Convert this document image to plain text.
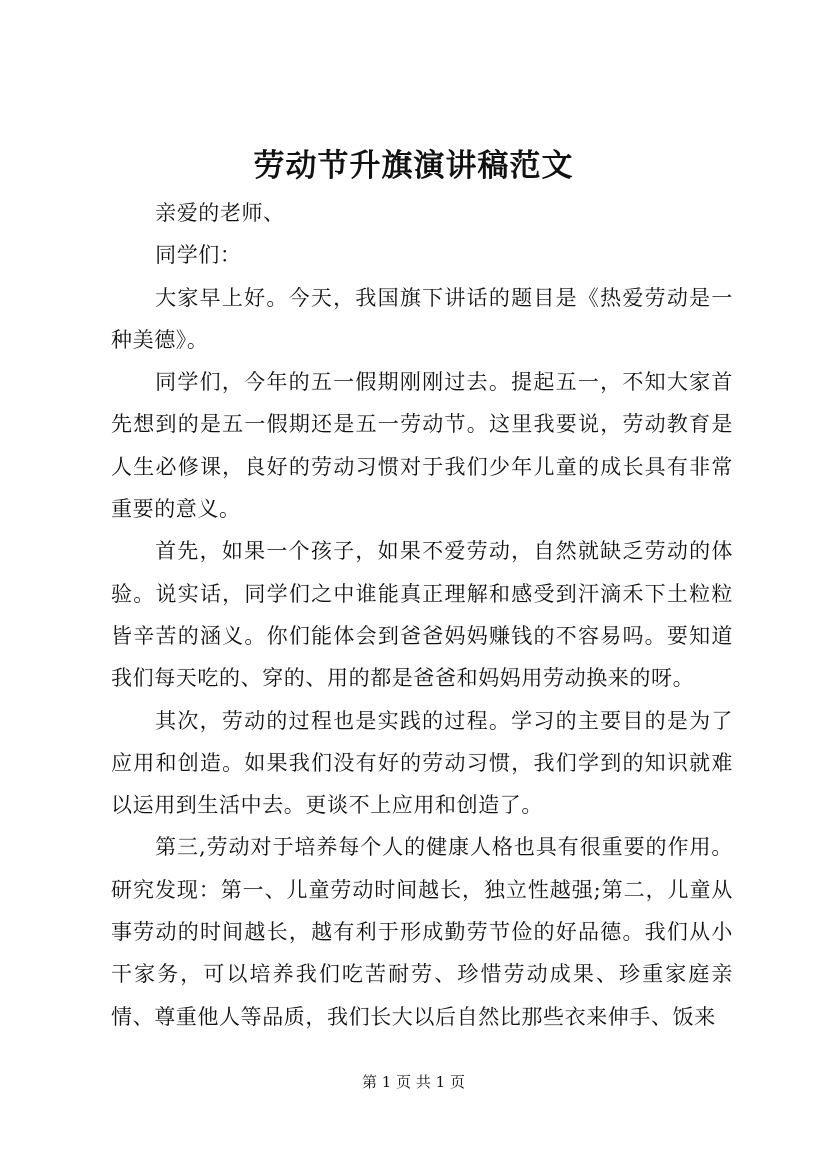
劳动节升旗演讲稿范文

亲爱的老师、

同学们：

大家早上好。今天，我国旗下讲话的题目是《热爱劳动是一种美德》。

同学们，今年的五一假期刚刚过去。提起五一，不知大家首先想到的是五一假期还是五一劳动节。这里我要说，劳动教育是人生必修课，良好的劳动习惯对于我们少年儿童的成长具有非常重要的意义。

首先，如果一个孩子，如果不爱劳动，自然就缺乏劳动的体验。说实话，同学们之中谁能真正理解和感受到汗滴禾下土粒粒皆辛苦的涵义。你们能体会到爸爸妈妈赚钱的不容易吗。要知道我们每天吃的、穿的、用的都是爸爸和妈妈用劳动换来的呀。

其次，劳动的过程也是实践的过程。学习的主要目的是为了应用和创造。如果我们没有好的劳动习惯，我们学到的知识就难以运用到生活中去。更谈不上应用和创造了。

第三,劳动对于培养每个人的健康人格也具有很重要的作用。研究发现：第一、儿童劳动时间越长，独立性越强;第二，儿童从事劳动的时间越长，越有利于形成勤劳节俭的好品德。我们从小干家务，可以培养我们吃苦耐劳、珍惜劳动成果、珍重家庭亲情、尊重他人等品质，我们长大以后自然比那些衣来伸手、饭来

第 1 页 共 1 页
